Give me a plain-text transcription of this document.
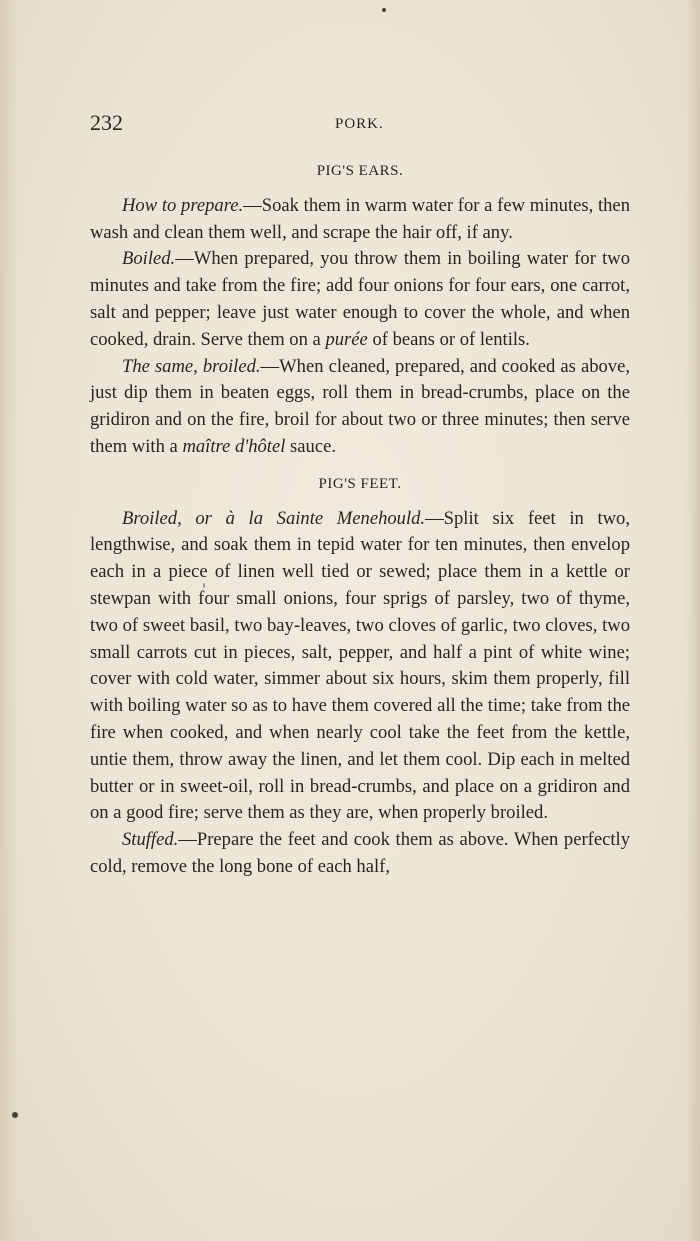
232	PORK.
PIG'S EARS.

How to prepare.—Soak them in warm water for a few minutes, then wash and clean them well, and scrape the hair off, if any.

Boiled.—When prepared, you throw them in boiling water for two minutes and take from the fire; add four onions for four ears, one carrot, salt and pepper; leave just water enough to cover the whole, and when cooked, drain. Serve them on a purée of beans or of lentils.

The same, broiled.—When cleaned, prepared, and cooked as above, just dip them in beaten eggs, roll them in bread-crumbs, place on the gridiron and on the fire, broil for about two or three minutes; then serve them with a maître d'hôtel sauce.

PIG'S FEET.

Broiled, or à la Sainte Menehould.—Split six feet in two, lengthwise, and soak them in tepid water for ten minutes, then envelop each in a piece of linen well tied or sewed; place them in a kettle or stewpan with four small onions, four sprigs of parsley, two of thyme, two of sweet basil, two bay-leaves, two cloves of garlic, two cloves, two small carrots cut in pieces, salt, pepper, and half a pint of white wine; cover with cold water, simmer about six hours, skim them properly, fill with boiling water so as to have them covered all the time; take from the fire when cooked, and when nearly cool take the feet from the kettle, untie them, throw away the linen, and let them cool. Dip each in melted butter or in sweet-oil, roll in bread-crumbs, and place on a gridiron and on a good fire; serve them as they are, when properly broiled.

Stuffed.—Prepare the feet and cook them as above. When perfectly cold, remove the long bone of each half,
